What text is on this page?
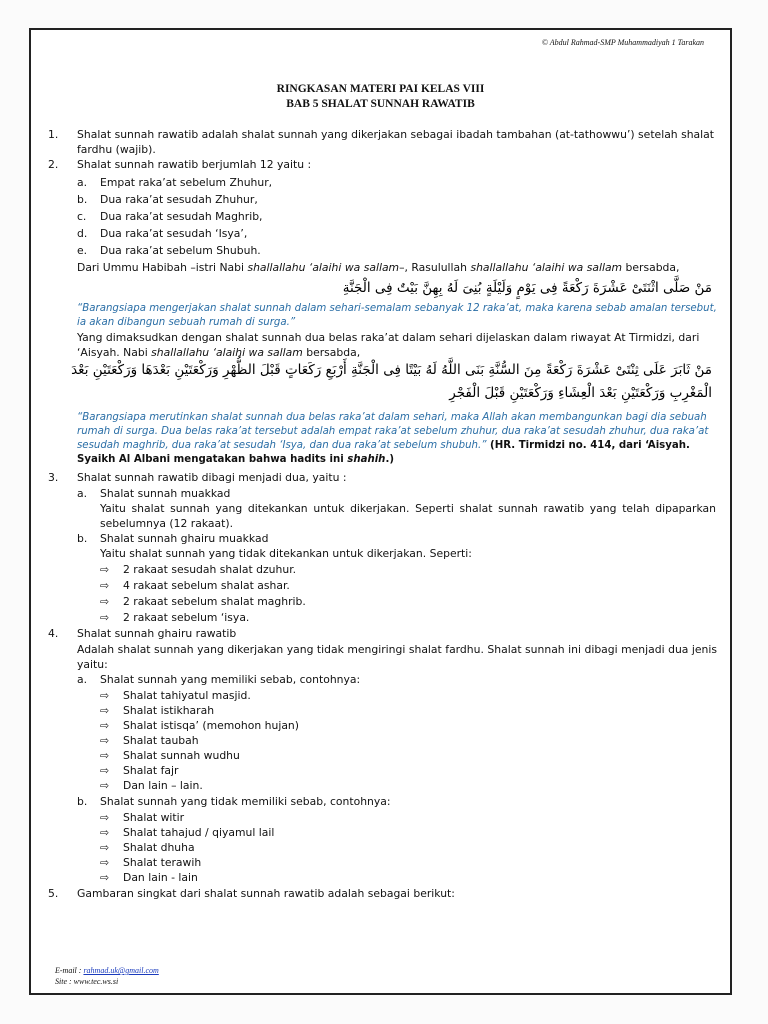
© Abdul Rahmad-SMP Muhammadiyah 1 Tarakan

RINGKASAN MATERI PAI KELAS VIII

BAB 5 SHALAT SUNNAH RAWATIB

1. Shalat sunnah rawatib adalah shalat sunnah yang dikerjakan sebagai ibadah tambahan (at-tathowwu’) setelah shalat fardhu (wajib).

2. Shalat sunnah rawatib berjumlah 12 yaitu :

a. Empat raka’at sebelum Zhuhur,
b. Dua raka’at sesudah Zhuhur,
c. Dua raka’at sesudah Maghrib,
d. Dua raka’at sesudah ‘Isya’,
e. Dua raka’at sebelum Shubuh.

Dari Ummu Habibah –istri Nabi shallallahu ‘alaihi wa sallam–, Rasulullah shallallahu ‘alaihi wa sallam bersabda,

مَنْ صَلَّى اثْنَتَىْ عَشْرَةَ رَكْعَةً فِى يَوْمٍ وَلَيْلَةٍ بُنِىَ لَهُ بِهِنَّ بَيْتٌ فِى الْجَنَّةِ

“Barangsiapa mengerjakan shalat sunnah dalam sehari-semalam sebanyak 12 raka’at, maka karena sebab amalan tersebut, ia akan dibangun sebuah rumah di surga.”

Yang dimaksudkan dengan shalat sunnah dua belas raka’at dalam sehari dijelaskan dalam riwayat At Tirmidzi, dari ‘Aisyah. Nabi shallallahu ‘alaihi wa sallam bersabda,

مَنْ ثَابَرَ عَلَى ثِنْتَىْ عَشْرَةَ رَكْعَةً مِنَ السُّنَّةِ بَنَى اللَّهُ لَهُ بَيْتًا فِى الْجَنَّةِ أَرْبَعِ رَكَعَاتٍ قَبْلَ الظُّهْرِ وَرَكْعَتَيْنِ بَعْدَهَا وَرَكْعَتَيْنِ بَعْدَ

الْمَغْرِبِ وَرَكْعَتَيْنِ بَعْدَ الْعِشَاءِ وَرَكْعَتَيْنِ قَبْلَ الْفَجْرِ

“Barangsiapa merutinkan shalat sunnah dua belas raka’at dalam sehari, maka Allah akan membangunkan bagi dia sebuah rumah di surga. Dua belas raka’at tersebut adalah empat raka’at sebelum zhuhur, dua raka’at sesudah zhuhur, dua raka’at sesudah maghrib, dua raka’at sesudah ‘Isya, dan dua raka’at sebelum shubuh.” (HR. Tirmidzi no. 414, dari ‘Aisyah. Syaikh Al Albani mengatakan bahwa hadits ini shahih.)

3. Shalat sunnah rawatib dibagi menjadi dua, yaitu :

a. Shalat sunnah muakkad

Yaitu shalat sunnah yang ditekankan untuk dikerjakan. Seperti shalat sunnah rawatib yang telah dipaparkan sebelumnya (12 rakaat).

b. Shalat sunnah ghairu muakkad

Yaitu shalat sunnah yang tidak ditekankan untuk dikerjakan. Seperti:

⇨ 2 rakaat sesudah shalat dzuhur.
⇨ 4 rakaat sebelum shalat ashar.
⇨ 2 rakaat sebelum shalat maghrib.
⇨ 2 rakaat sebelum ‘isya.
4. Shalat sunnah ghairu rawatib

Adalah shalat sunnah yang dikerjakan yang tidak mengiringi shalat fardhu. Shalat sunnah ini dibagi menjadi dua jenis yaitu:

a. Shalat sunnah yang memiliki sebab, contohnya:
⇨ Shalat tahiyatul masjid.
⇨ Shalat istikharah
⇨ Shalat istisqa’ (memohon hujan)
⇨ Shalat taubah
⇨ Shalat sunnah wudhu
⇨ Shalat fajr
⇨ Dan lain – lain.
b. Shalat sunnah yang tidak memiliki sebab, contohnya:
⇨ Shalat witir
⇨ Shalat tahajud / qiyamul lail
⇨ Shalat dhuha
⇨ Shalat terawih
⇨ Dan lain - lain
5. Gambaran singkat dari shalat sunnah rawatib adalah sebagai berikut:

E-mail : rahmad.uk@gmail.com
Site : www.tec.ws.si
